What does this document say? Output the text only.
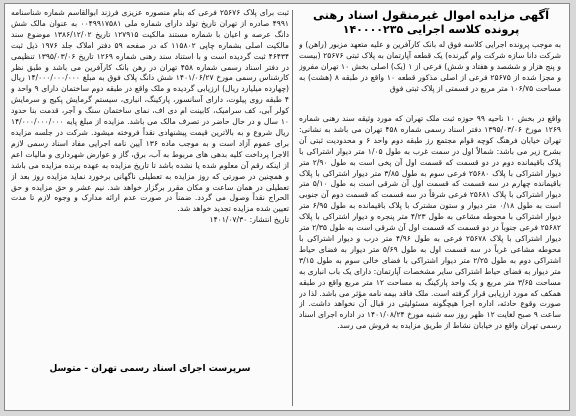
آگهی مزایده اموال غیرمنقول اسناد رهنی
پرونده کلاسه اجرایی ۱۴۰۰۰۰۲۳۵
به موجب پرونده اجرایی کلاسه فوق له بانک کارآفرین و علیه متعهد مزبور (راهن) و شرکت دانا سازه شرکت وام گیرنده) یک قطعه آپارتمان به پلاک ثبتی ۲۵۶۷۶ (بیست و پنج هزار و ششصد و هفتاد و شش) فرعی از ۱ (یک) اصلی بخش ۱۰ تهران مفروز و مجزا شده از ۲۵۶۷۵ فرعی از اصلی مذکور قطعه ۱۰ واقع در طبقه ۸ (هشت) به مساحت ۱۰۶/۷۵ متر مربع در قسمتی از پلاک ثبتی فوق
واقع در بخش ۱۰ ناحیه ۹۹ حوزه ثبت ملک تهران که مورد وثیقه سند رهنی شماره ۱۲۶۹ مورخ ۱۳۹۵/۰۳/۰۶ دفتر اسناد رسمی شماره ۴۵۸ تهران می باشد به نشانی: تهران خیابان فرهنگ کوچه قوام مجتمع رز طبقه دوم واحد ۶ و محدودیت ثبتی آن بشرح زیر می باشد: شمالاً اول در سمت غرب به طول ۱/۰۵ متر دیوار اشتراکی با پلاک باقیمانده دوم در دو قسمت که قسمت اول آن پخی است به طول ۲/۹۰ متر دیوار اشتراکی با پلاک ۲۵۶۸۰ فرعی سوم به طول ۳/۸۵ متر دیوار اشتراکی با پلاک باقیمانده چهارم در سه قسمت که قسمت اول آن شرقی است به طول ۵/۱۰ متر دیوار اشتراکی با پلاک ۲۵۶۸۱ فرعی شرقاً در سه قسمت که قسمت دوم آن جنوبی است به طول ۰/۱۸ متر دیوار و ستون مشترک با پلاک باقیمانده به طول ۶/۹۵ متر دیوار اشتراکی با محوطه مشاعی به طول ۴/۲۳ متر پنجره و دیوار اشتراکی با پلاک ۲۵۶۸۲ فرعی جنوباً در دو قسمت که قسمت اول آن شرقی است به طول ۲/۳۵ متر دیوار اشتراکی با پلاک ۲۵۶۷۸ فرعی به طول ۴/۹۶ متر درب و دیوار اشتراکی با محوطه مشاعی غرباً در سه قسمت اول به طول ۵/۶۹ متر دیوار به فضای حیاط اشتراکی دوم به طول ۲/۲۵ متر دیوار اشتراکی با فضای خالی سوم به طول ۳/۱۵ متر دیوار به فضای حیاط اشتراکی سایر مشخصات آپارتمان: دارای یک باب انباری به مساحت ۳/۶۵ متر مربع و یک واحد پارکینگ به مساحت ۱۲ متر مربع واقع در طبقه همکف که مورد ارزیابی قرار گرفته است. ملک فاقد بیمه نامه مؤثر می باشد. لذا در صورت وقوع حادثه، اداره اجرا هیچگونه مسئولیتی در قبال آن نخواهد داشت. از ساعت ۹ صبح لغایت ۱۲ ظهر روز سه شنبه مورخ ۱۴۰۱/۰۸/۲۴ در اداره اجرای اسناد رسمی تهران واقع در خیابان نشاط از طریق مزایده به فروش می رسد.
ثبت برای پلاک ۲۵۶۷۶ فرعی که بنام منصوره عزیزی فرزند ابوالقاسم شماره شناسنامه ۴۹۹۱ صادره از تهران تاریخ تولد دارای شماره ملی ۰۰۴۹۹۱۷۵۸۱ به عنوان مالک شش دانگ عرصه و اعیان با شماره مستند مالکیت ۱۲۷۹۱۵ تاریخ ۱۳۸۶/۱۲/۰۲ موضوع سند مالکیت اصلی بشماره چاپی ۱۱۵۸۰۲ که در صفحه ۵۹ دفتر املاک جلد ۱۹۷۶ ذیل ثبت ۴۶۴۳۴ ثبت گردیده است و با استناد سند رهنی شماره ۱۲۶۹ تاریخ ۱۳۹۵/۰۳/۰۶ تنظیمی در دفتر اسناد رسمی شماره ۴۵۸ تهران در رهن بانک کارآفرین می باشد و طبق نظر کارشناس رسمی مورخ ۱۴۰۱/۰۶/۲۷ شش دانگ پلاک فوق به مبلغ ۱۴/۰۰۰/۰۰۰/۰۰۰ ریال (چهارده میلیارد ریال) ارزیابی گردیده و ملک واقع در طبقه دوم ساختمان دارای ۹ واحد و ۴ طبقه روی پیلوت، دارای آسانسور، پارکینگ، انباری، سیستم گرمایش پکیج و سرمایش کولر آبی، کف سرامیک، کابینت ام دی اف، نمای ساختمان سنگ و آجر، قدمت بنا حدود ۱۰ سال و در حال حاضر در تصرف مالک می باشد. مزایده از مبلغ پایه ۱۴/۰۰۰/۰۰۰/۰۰۰ ریال شروع و به بالاترین قیمت پیشنهادی نقداً فروخته میشود. شرکت در جلسه مزایده برای عموم آزاد است و به موجب ماده ۱۳۶ آیین نامه اجرایی مفاد اسناد رسمی لازم الاجرا پرداخت کلیه بدهی های مربوط به آب، برق، گاز و عوارض شهرداری و مالیات اعم از اینکه رقم آن معلوم شده یا نشده باشد تا تاریخ مزایده به عهده برنده مزایده می باشد و همچنین در صورتی که روز مزایده به تعطیلی ناگهانی برخورد نماید مزایده روز بعد از تعطیلی در همان ساعت و مکان مقرر برگزار خواهد شد. نیم عشر و حق مزایده و حق الحراج نقداً وصول می گردد. ضمناً در صورت عدم ارائه مدارک و وجوه لازم تا مدت تعیین شده مزایده تجدید خواهد شد.
تاریخ انتشار: ۱۴۰۱/۰۷/۳۰
سرپرست اجرای اسناد رسمی تهران - متوسل
